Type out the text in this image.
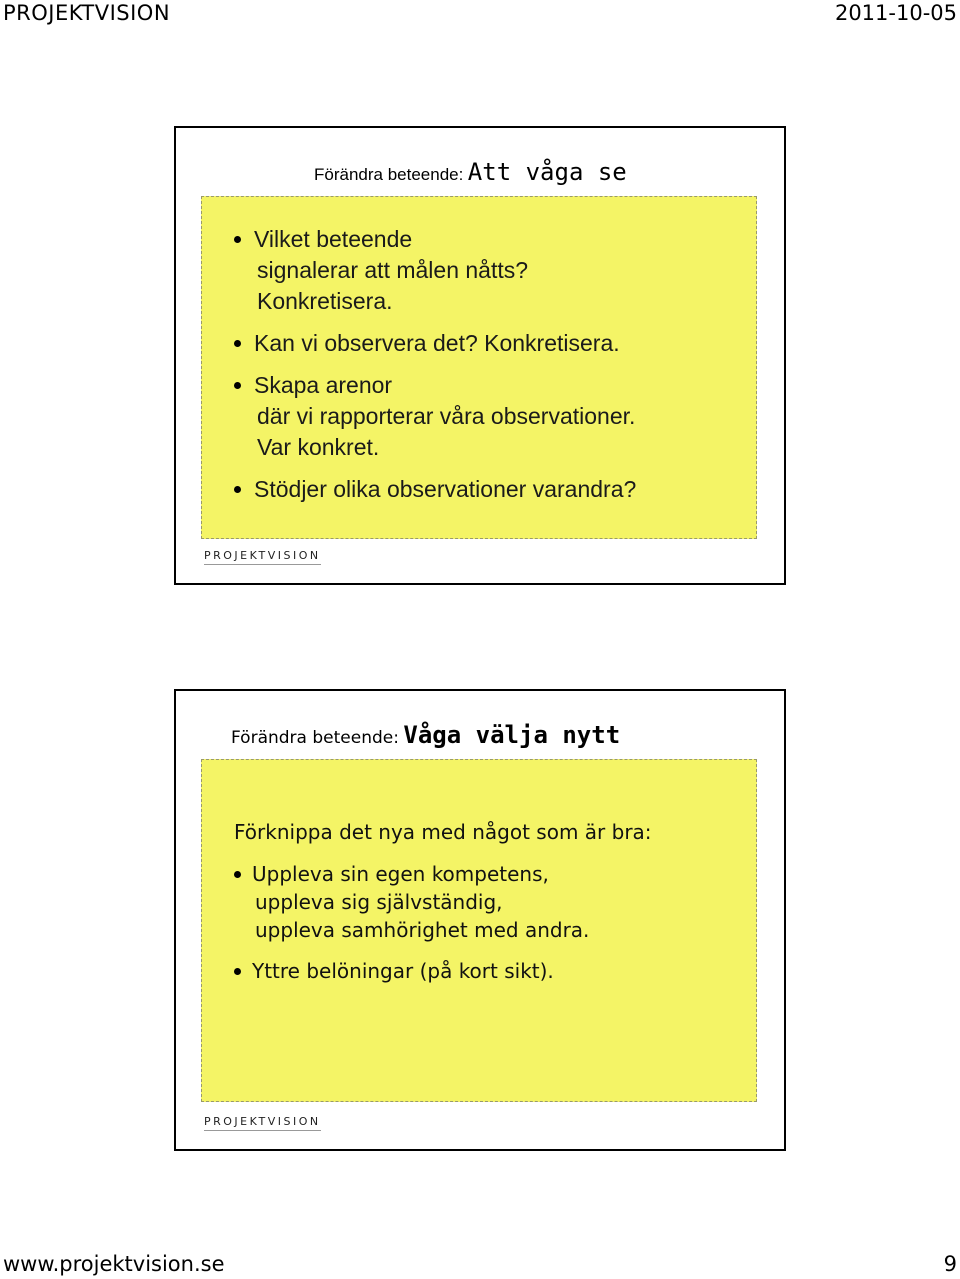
PROJEKTVISION	2011-10-05
Förändra beteende: Att våga se
Vilket beteende
signalerar att målen nåtts?
Konkretisera.
Kan vi observera det? Konkretisera.
Skapa arenor
där vi rapporterar våra observationer.
Var konkret.
Stödjer olika observationer varandra?
PROJEKTVISION
Förändra beteende: Våga välja nytt
Förknippa det nya med något som är bra:
Uppleva sin egen kompetens,
uppleva sig självständig,
uppleva samhörighet med andra.
Yttre belöningar (på kort sikt).
PROJEKTVISION
www.projektvision.se	9
